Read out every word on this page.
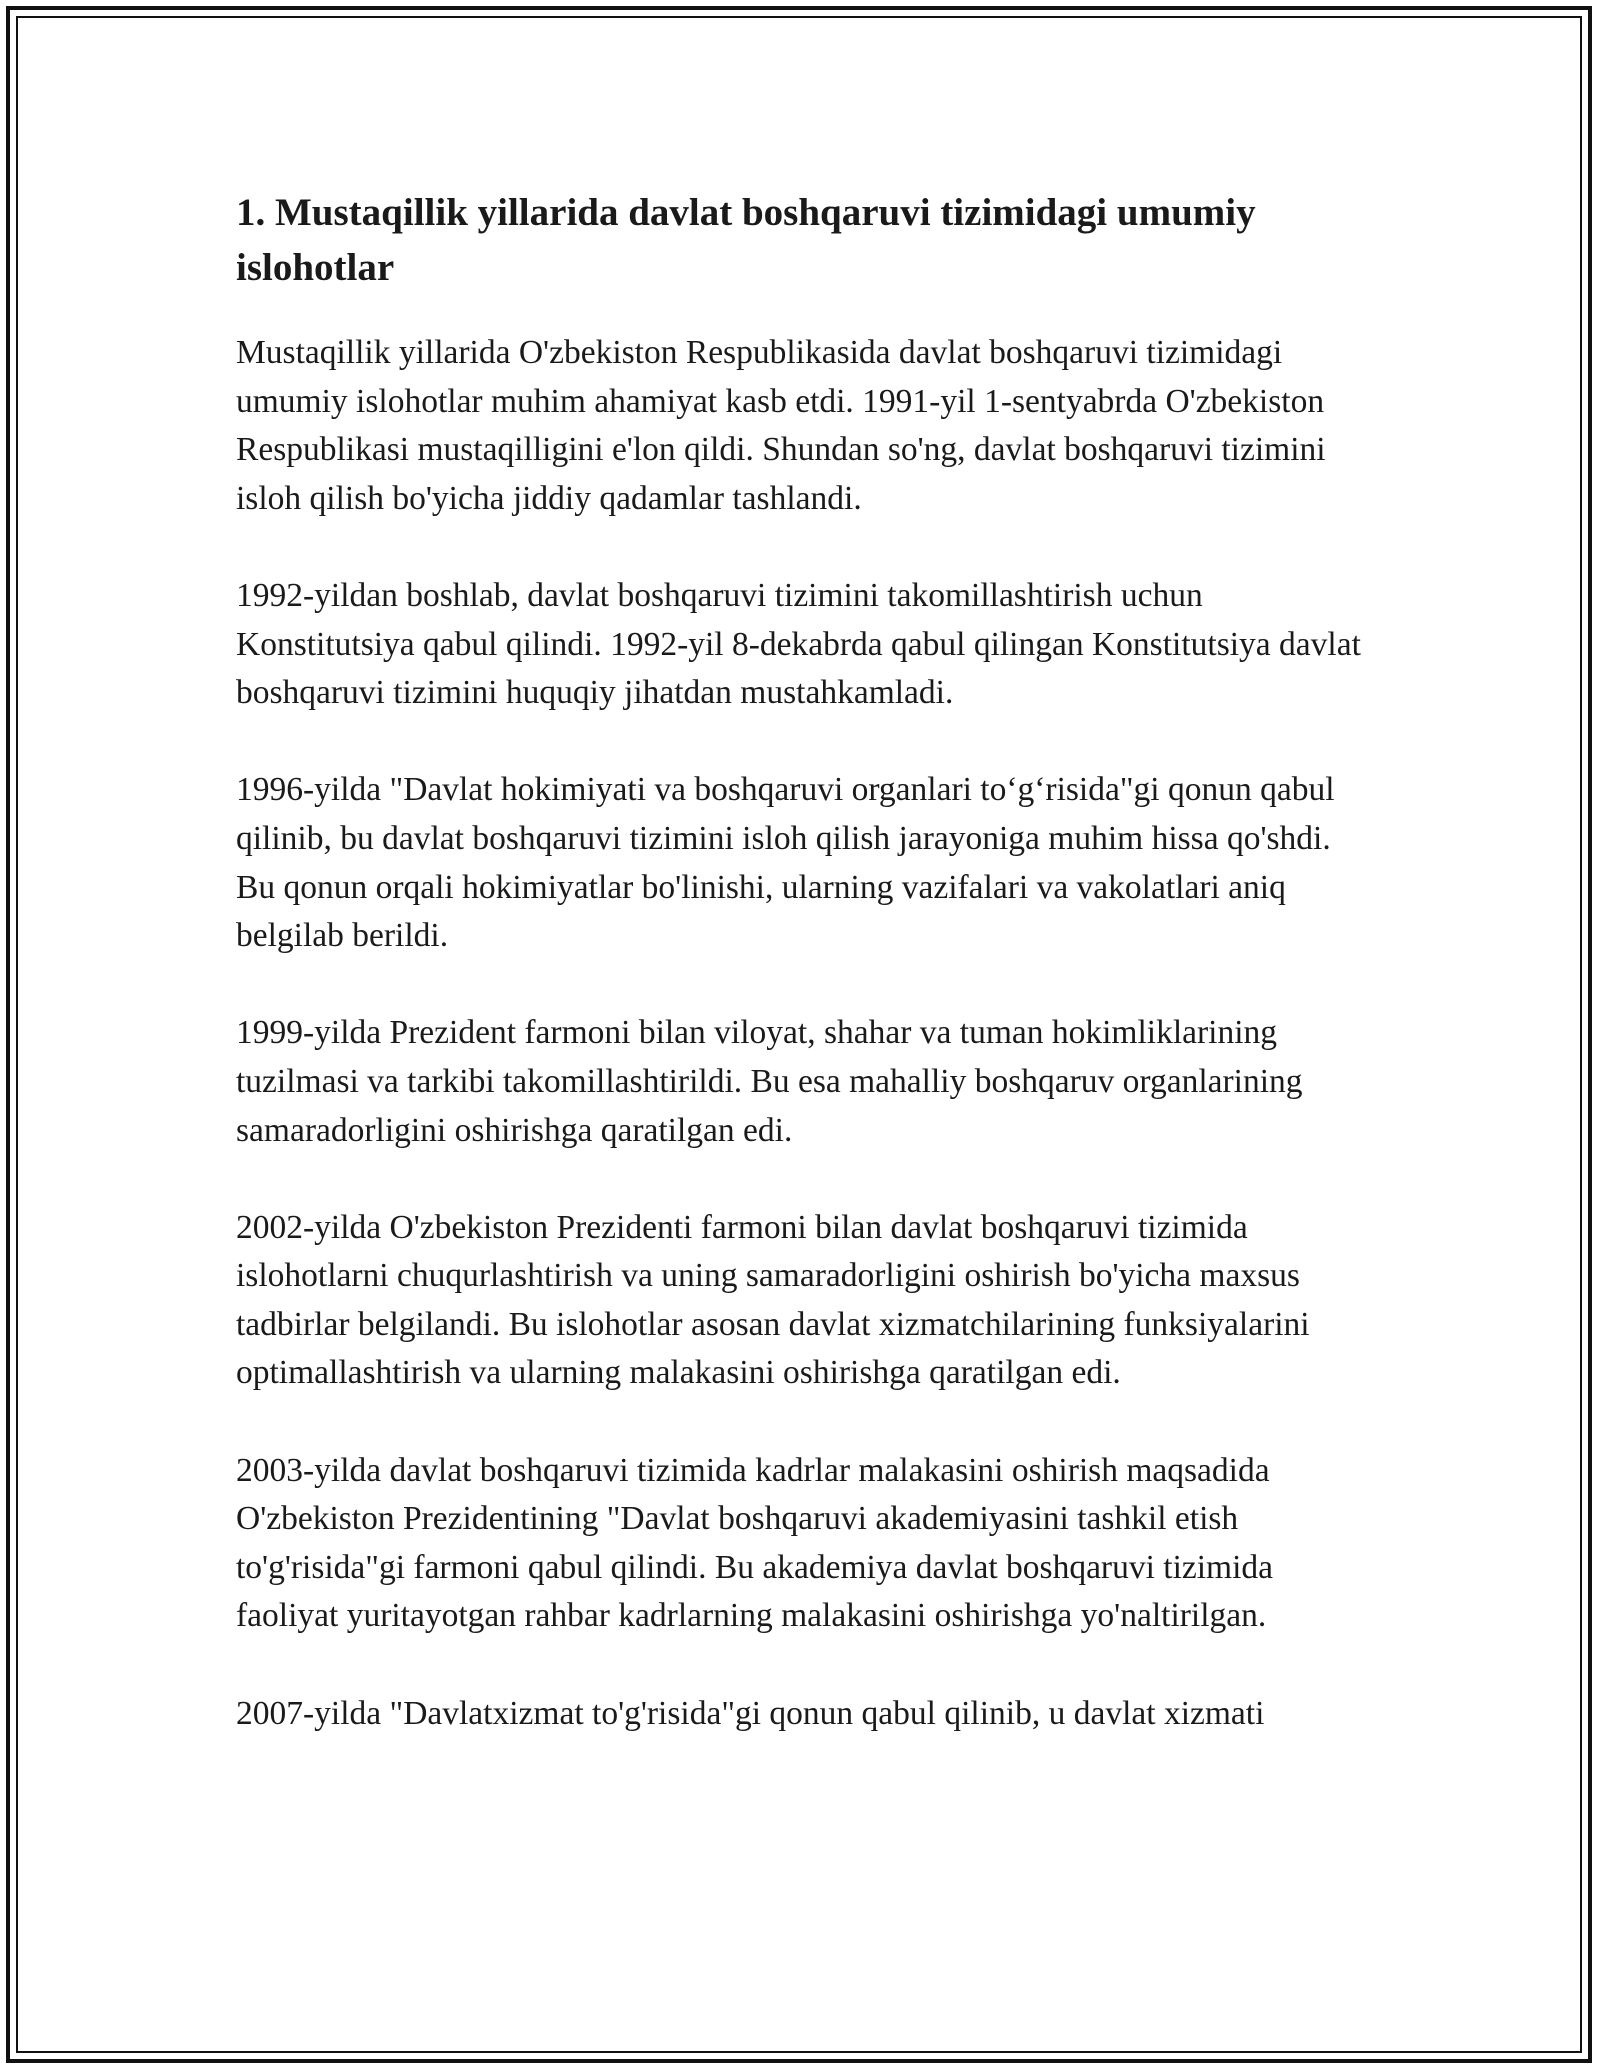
1. Mustaqillik yillarida davlat boshqaruvi tizimidagi umumiy islohotlar

Mustaqillik yillarida O'zbekiston Respublikasida davlat boshqaruvi tizimidagi umumiy islohotlar muhim ahamiyat kasb etdi. 1991-yil 1-sentyabrda O'zbekiston Respublikasi mustaqilligini e'lon qildi. Shundan so'ng, davlat boshqaruvi tizimini isloh qilish bo'yicha jiddiy qadamlar tashlandi.

1992-yildan boshlab, davlat boshqaruvi tizimini takomillashtirish uchun Konstitutsiya qabul qilindi. 1992-yil 8-dekabrda qabul qilingan Konstitutsiya davlat boshqaruvi tizimini huquqiy jihatdan mustahkamladi.

1996-yilda "Davlat hokimiyati va boshqaruvi organlari to‘g‘risida"gi qonun qabul qilinib, bu davlat boshqaruvi tizimini isloh qilish jarayoniga muhim hissa qo'shdi. Bu qonun orqali hokimiyatlar bo'linishi, ularning vazifalari va vakolatlari aniq belgilab berildi.

1999-yilda Prezident farmoni bilan viloyat, shahar va tuman hokimliklarining tuzilmasi va tarkibi takomillashtirildi. Bu esa mahalliy boshqaruv organlarining samaradorligini oshirishga qaratilgan edi.

2002-yilda O'zbekiston Prezidenti farmoni bilan davlat boshqaruvi tizimida islohotlarni chuqurlashtirish va uning samaradorligini oshirish bo'yicha maxsus tadbirlar belgilandi. Bu islohotlar asosan davlat xizmatchilarining funksiyalarini optimallashtirish va ularning malakasini oshirishga qaratilgan edi.

2003-yilda davlat boshqaruvi tizimida kadrlar malakasini oshirish maqsadida O'zbekiston Prezidentining "Davlat boshqaruvi akademiyasini tashkil etish to'g'risida"gi farmoni qabul qilindi. Bu akademiya davlat boshqaruvi tizimida faoliyat yuritayotgan rahbar kadrlarning malakasini oshirishga yo'naltirilgan.

2007-yilda "Davlatxizmat to'g'risida"gi qonun qabul qilinib, u davlat xizmati
